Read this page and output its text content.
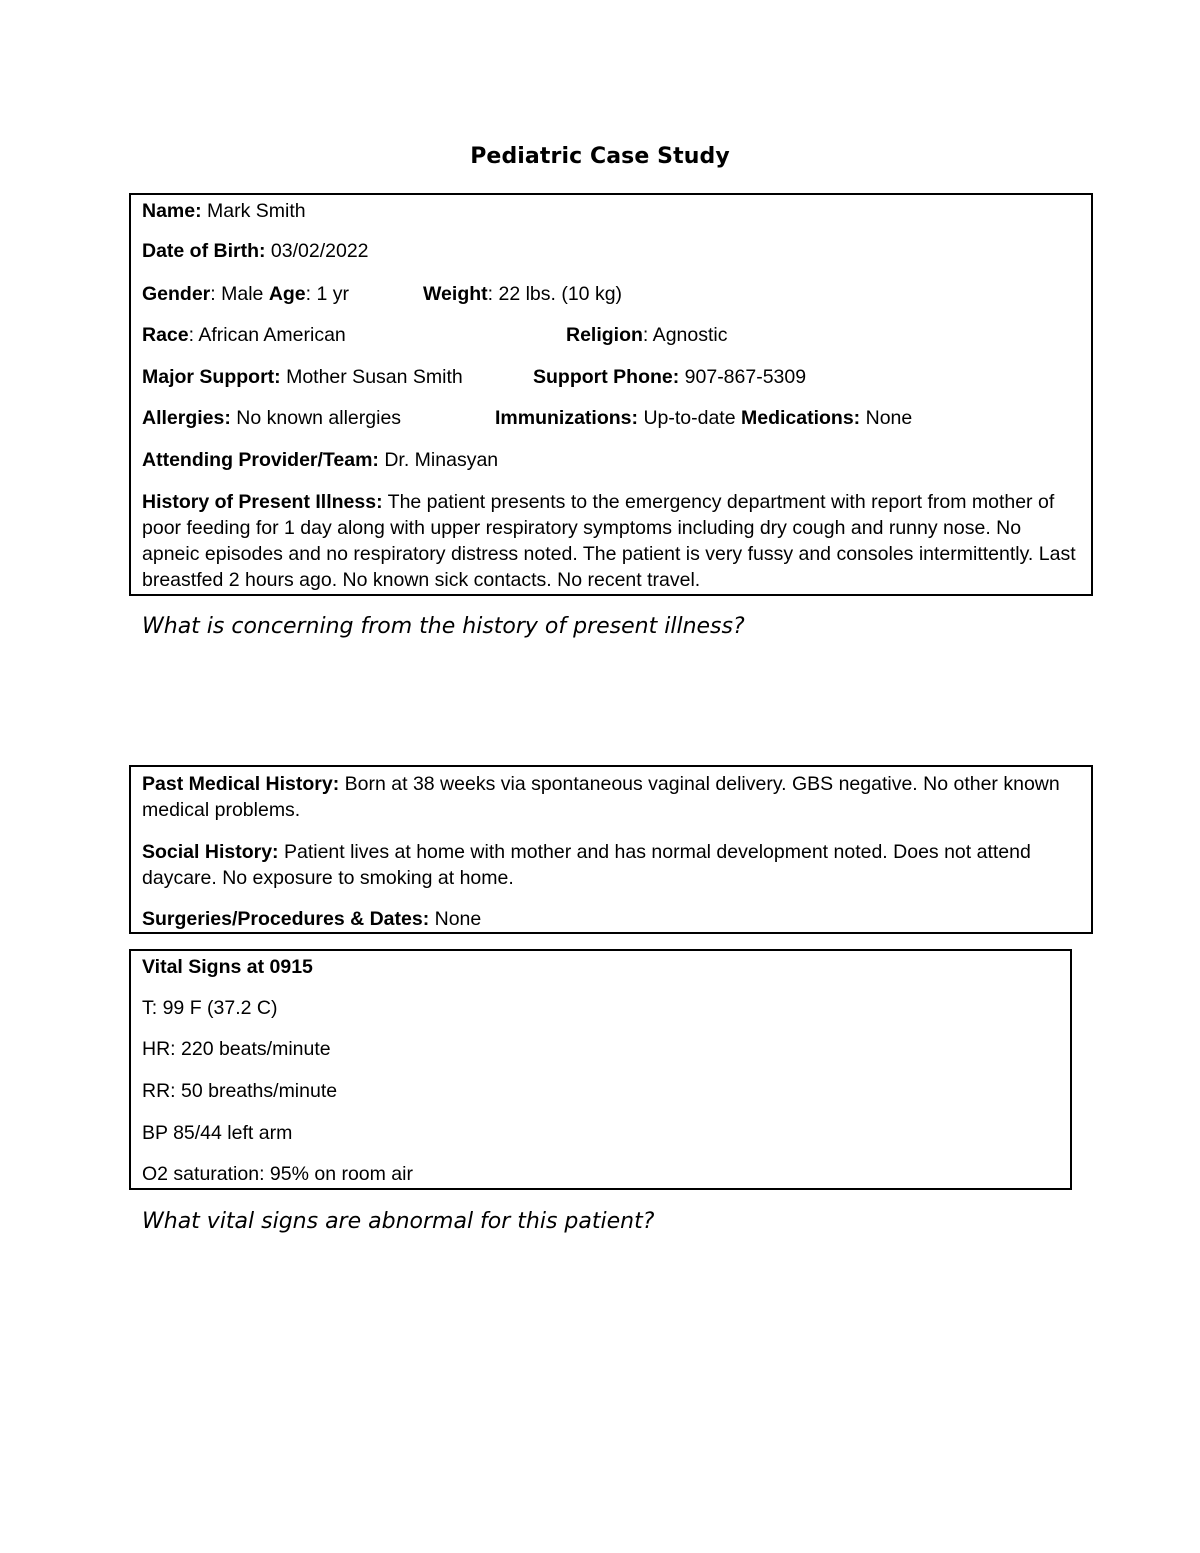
Pediatric Case Study
Name: Mark Smith
Date of Birth: 03/02/2022
Gender: Male Age: 1 yr	Weight: 22 lbs. (10 kg)
Race: African American	Religion: Agnostic
Major Support: Mother Susan Smith	Support Phone: 907-867-5309
Allergies: No known allergies	Immunizations: Up-to-date Medications: None
Attending Provider/Team: Dr. Minasyan
History of Present Illness: The patient presents to the emergency department with report from mother of poor feeding for 1 day along with upper respiratory symptoms including dry cough and runny nose. No apneic episodes and no respiratory distress noted. The patient is very fussy and consoles intermittently. Last breastfed 2 hours ago. No known sick contacts. No recent travel.
What is concerning from the history of present illness?
Past Medical History: Born at 38 weeks via spontaneous vaginal delivery. GBS negative. No other known medical problems.
Social History: Patient lives at home with mother and has normal development noted. Does not attend daycare. No exposure to smoking at home.
Surgeries/Procedures & Dates: None
Vital Signs at 0915
T: 99 F (37.2 C)
HR: 220 beats/minute
RR: 50 breaths/minute
BP 85/44 left arm
O2 saturation: 95% on room air
What vital signs are abnormal for this patient?
